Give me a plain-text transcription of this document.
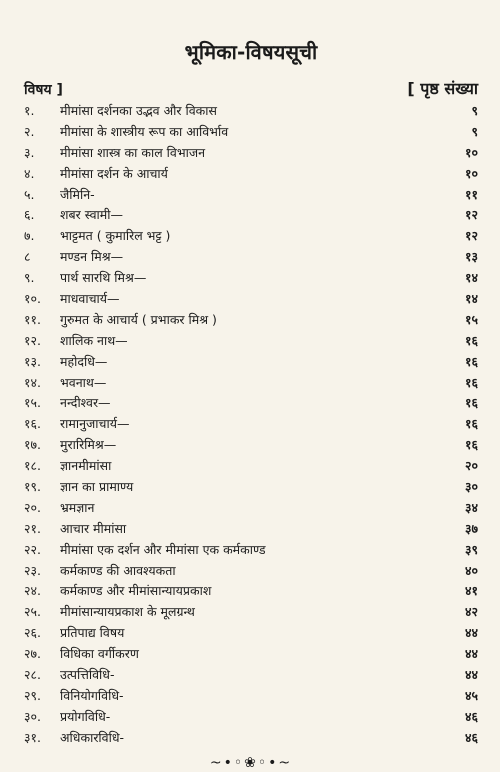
भूमिका-विषयसूची
विषय ]	[ पृष्ठ संख्या
१.	मीमांसा दर्शनका उद्भव और विकास	९
२.	मीमांसा के शास्त्रीय रूप का आविर्भाव	९
३.	मीमांसा शास्त्र का काल विभाजन	१०
४.	मीमांसा दर्शन के आचार्य	१०
५.	जैमिनि-	११
६.	शबर स्वामी—	१२
७.	भाट्टमत ( कुमारिल भट्ट )	१२
८	मण्डन मिश्र—	१३
९.	पार्थ सारथि मिश्र—	१४
१०.	माधवाचार्य—	१४
११.	गुरुमत के आचार्य ( प्रभाकर मिश्र )	१५
१२.	शालिक नाथ—	१६
१३.	महोदधि—	१६
१४.	भवनाथ—	१६
१५.	नन्दीश्वर—	१६
१६.	रामानुजाचार्य—	१६
१७.	मुरारिमिश्र—	१६
१८.	ज्ञानमीमांसा	२०
१९.	ज्ञान का प्रामाण्य	३०
२०.	भ्रमज्ञान	३४
२१.	आचार मीमांसा	३७
२२.	मीमांसा एक दर्शन और मीमांसा एक कर्मकाण्ड	३९
२३.	कर्मकाण्ड की आवश्यकता	४०
२४.	कर्मकाण्ड और मीमांसान्यायप्रकाश	४१
२५.	मीमांसान्यायप्रकाश के मूलग्रन्थ	४२
२६.	प्रतिपाद्य विषय	४४
२७.	विधिका वर्गीकरण	४४
२८.	उत्पत्तिविधि-	४४
२९.	विनियोगविधि-	४५
३०.	प्रयोगविधि-	४६
३१.	अधिकारविधि-	४६
~•◦❀◦•~
